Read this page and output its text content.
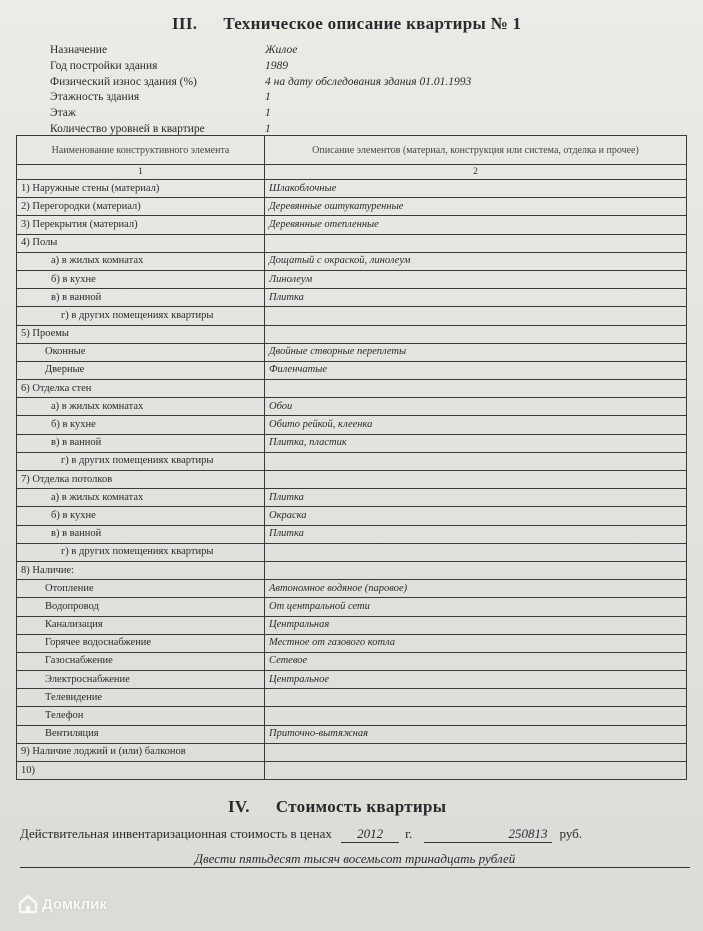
III. Техническое описание квартиры № 1
Назначение	Жилое
Год постройки здания	1989
Физический износ здания (%)	4 на дату обследования здания 01.01.1993
Этажность здания	1
Этаж	1
Количество уровней в квартире	1
Наименование конструктивного элемента	Описание элементов (материал, конструкция или система, отделка и прочее)
1	2
1) Наружные стены (материал)	Шлакоблочные
2) Перегородки (материал)	Деревянные оштукатуренные
3) Перекрытия (материал)	Деревянные отепленные
4) Полы	
а) в жилых комнатах	Дощатый с окраской, линолеум
б) в кухне	Линолеум
в) в ванной	Плитка
г) в других помещениях квартиры	
5) Проемы	
Оконные	Двойные створные переплеты
Дверные	Филенчатые
6) Отделка стен	
а) в жилых комнатах	Обои
б) в кухне	Обито рейкой, клеенка
в) в ванной	Плитка, пластик
г) в других помещениях квартиры	
7) Отделка потолков	
а) в жилых комнатах	Плитка
б) в кухне	Окраска
в) в ванной	Плитка
г) в других помещениях квартиры	
8) Наличие:	
Отопление	Автономное водяное (паровое)
Водопровод	От центральной сети
Канализация	Центральная
Горячее водоснабжение	Местное от газового котла
Газоснабжение	Сетевое
Электроснабжение	Центральное
Телевидение	
Телефон	
Вентиляция	Приточно-вытяжная
9) Наличие лоджий и (или) балконов	
10)	
IV. Стоимость квартиры
Действительная инвентаризационная стоимость в ценах 2012 г.	250813 руб.
Двести пятьдесят тысяч восемьсот тринадцать рублей
Домклик
